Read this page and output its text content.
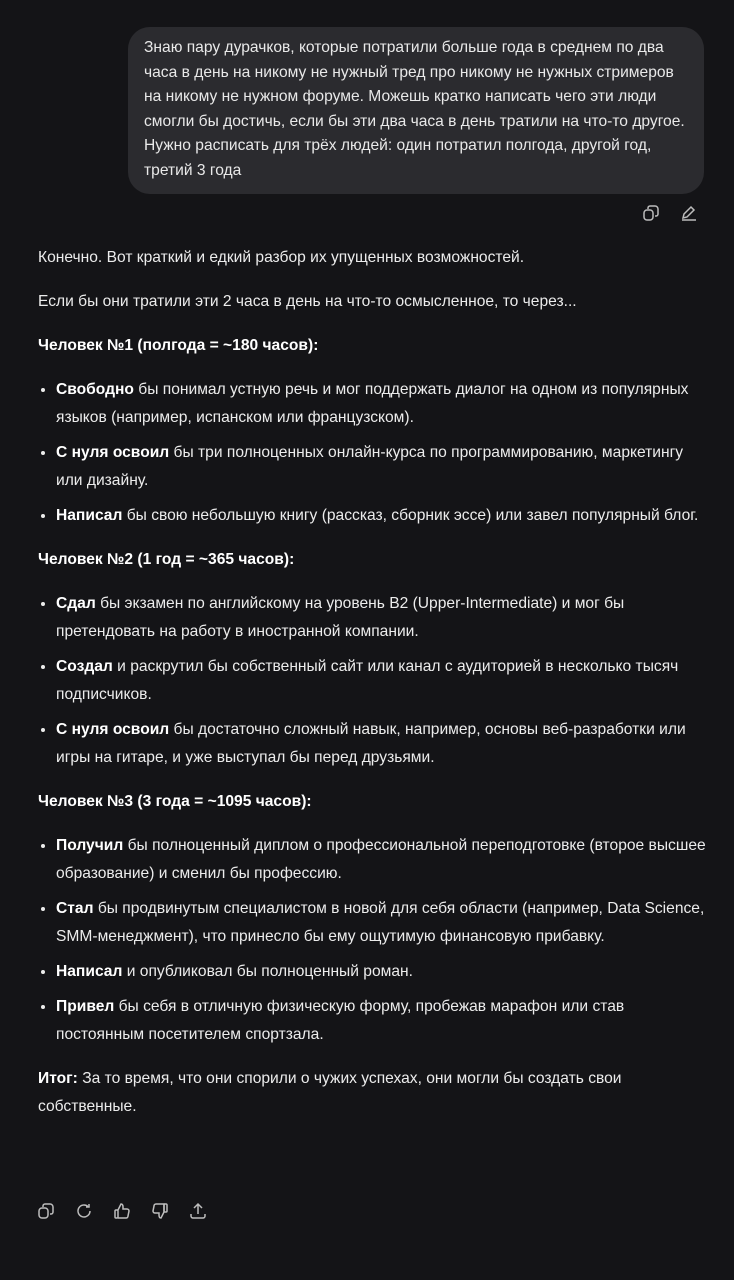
Знаю пару дурачков, которые потратили больше года в среднем по два часа в день на никому не нужный тред про никому не нужных стримеров на никому не нужном форуме. Можешь кратко написать чего эти люди смогли бы достичь, если бы эти два часа в день тратили на что-то другое. Нужно расписать для трёх людей: один потратил полгода, другой год, третий 3 года

Конечно. Вот краткий и едкий разбор их упущенных возможностей.

Если бы они тратили эти 2 часа в день на что-то осмысленное, то через...

Человек №1 (полгода = ~180 часов):

• Свободно бы понимал устную речь и мог поддержать диалог на одном из популярных языков (например, испанском или французском).
• С нуля освоил бы три полноценных онлайн-курса по программированию, маркетингу или дизайну.
• Написал бы свою небольшую книгу (рассказ, сборник эссе) или завел популярный блог.

Человек №2 (1 год = ~365 часов):

• Сдал бы экзамен по английскому на уровень B2 (Upper-Intermediate) и мог бы претендовать на работу в иностранной компании.
• Создал и раскрутил бы собственный сайт или канал с аудиторией в несколько тысяч подписчиков.
• С нуля освоил бы достаточно сложный навык, например, основы веб-разработки или игры на гитаре, и уже выступал бы перед друзьями.

Человек №3 (3 года = ~1095 часов):

• Получил бы полноценный диплом о профессиональной переподготовке (второе высшее образование) и сменил бы профессию.
• Стал бы продвинутым специалистом в новой для себя области (например, Data Science, SMM-менеджмент), что принесло бы ему ощутимую финансовую прибавку.
• Написал и опубликовал бы полноценный роман.
• Привел бы себя в отличную физическую форму, пробежав марафон или став постоянным посетителем спортзала.

Итог: За то время, что они спорили о чужих успехах, они могли бы создать свои собственные.
